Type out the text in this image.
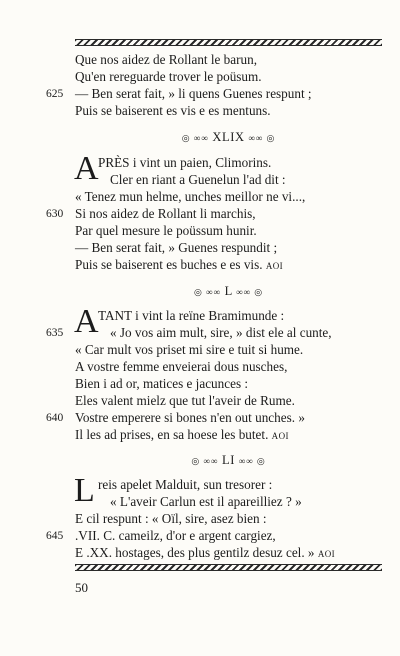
Que nos aidez de Rollant le barun,
Qu'en rereguarde trover le poüsum.
625 — Ben serat fait, » li quens Guenes respunt ;
Puis se baiserent es vis e es mentuns.
◎ ∞∞ XLIX ∞∞ ◎
A PRÈS i vint un paien, Climorins.
Cler en riant a Guenelun l'ad dit :
« Tenez mun helme, unches meillor ne vi...,
630 Si nos aidez de Rollant li marchis,
Par quel mesure le poüssum hunir.
— Ben serat fait, » Guenes respundit ;
Puis se baiserent es buches e es vis. AOI
◎ ∞∞ L ∞∞ ◎
A TANT i vint la reïne Bramimunde :
635	« Jo vos aim mult, sire, » dist ele al cunte,
« Car mult vos priset mi sire e tuit si hume.
A vostre femme enveierai dous nusches,
Bien i ad or, matices e jacunces :
Eles valent mielz que tut l'aveir de Rume.
640 Vostre emperere si bones n'en out unches. »
Il les ad prises, en sa hoese les butet. AOI
◎ ∞∞ LI ∞∞ ◎
L reis apelet Malduit, sun tresorer :
« L'aveir Carlun est il apareilliez ? »
E cil respunt : « Oïl, sire, asez bien :
645 .VII. C. cameilz, d'or e argent cargiez,
E .XX. hostages, des plus gentilz desuz cel. » AOI
50
